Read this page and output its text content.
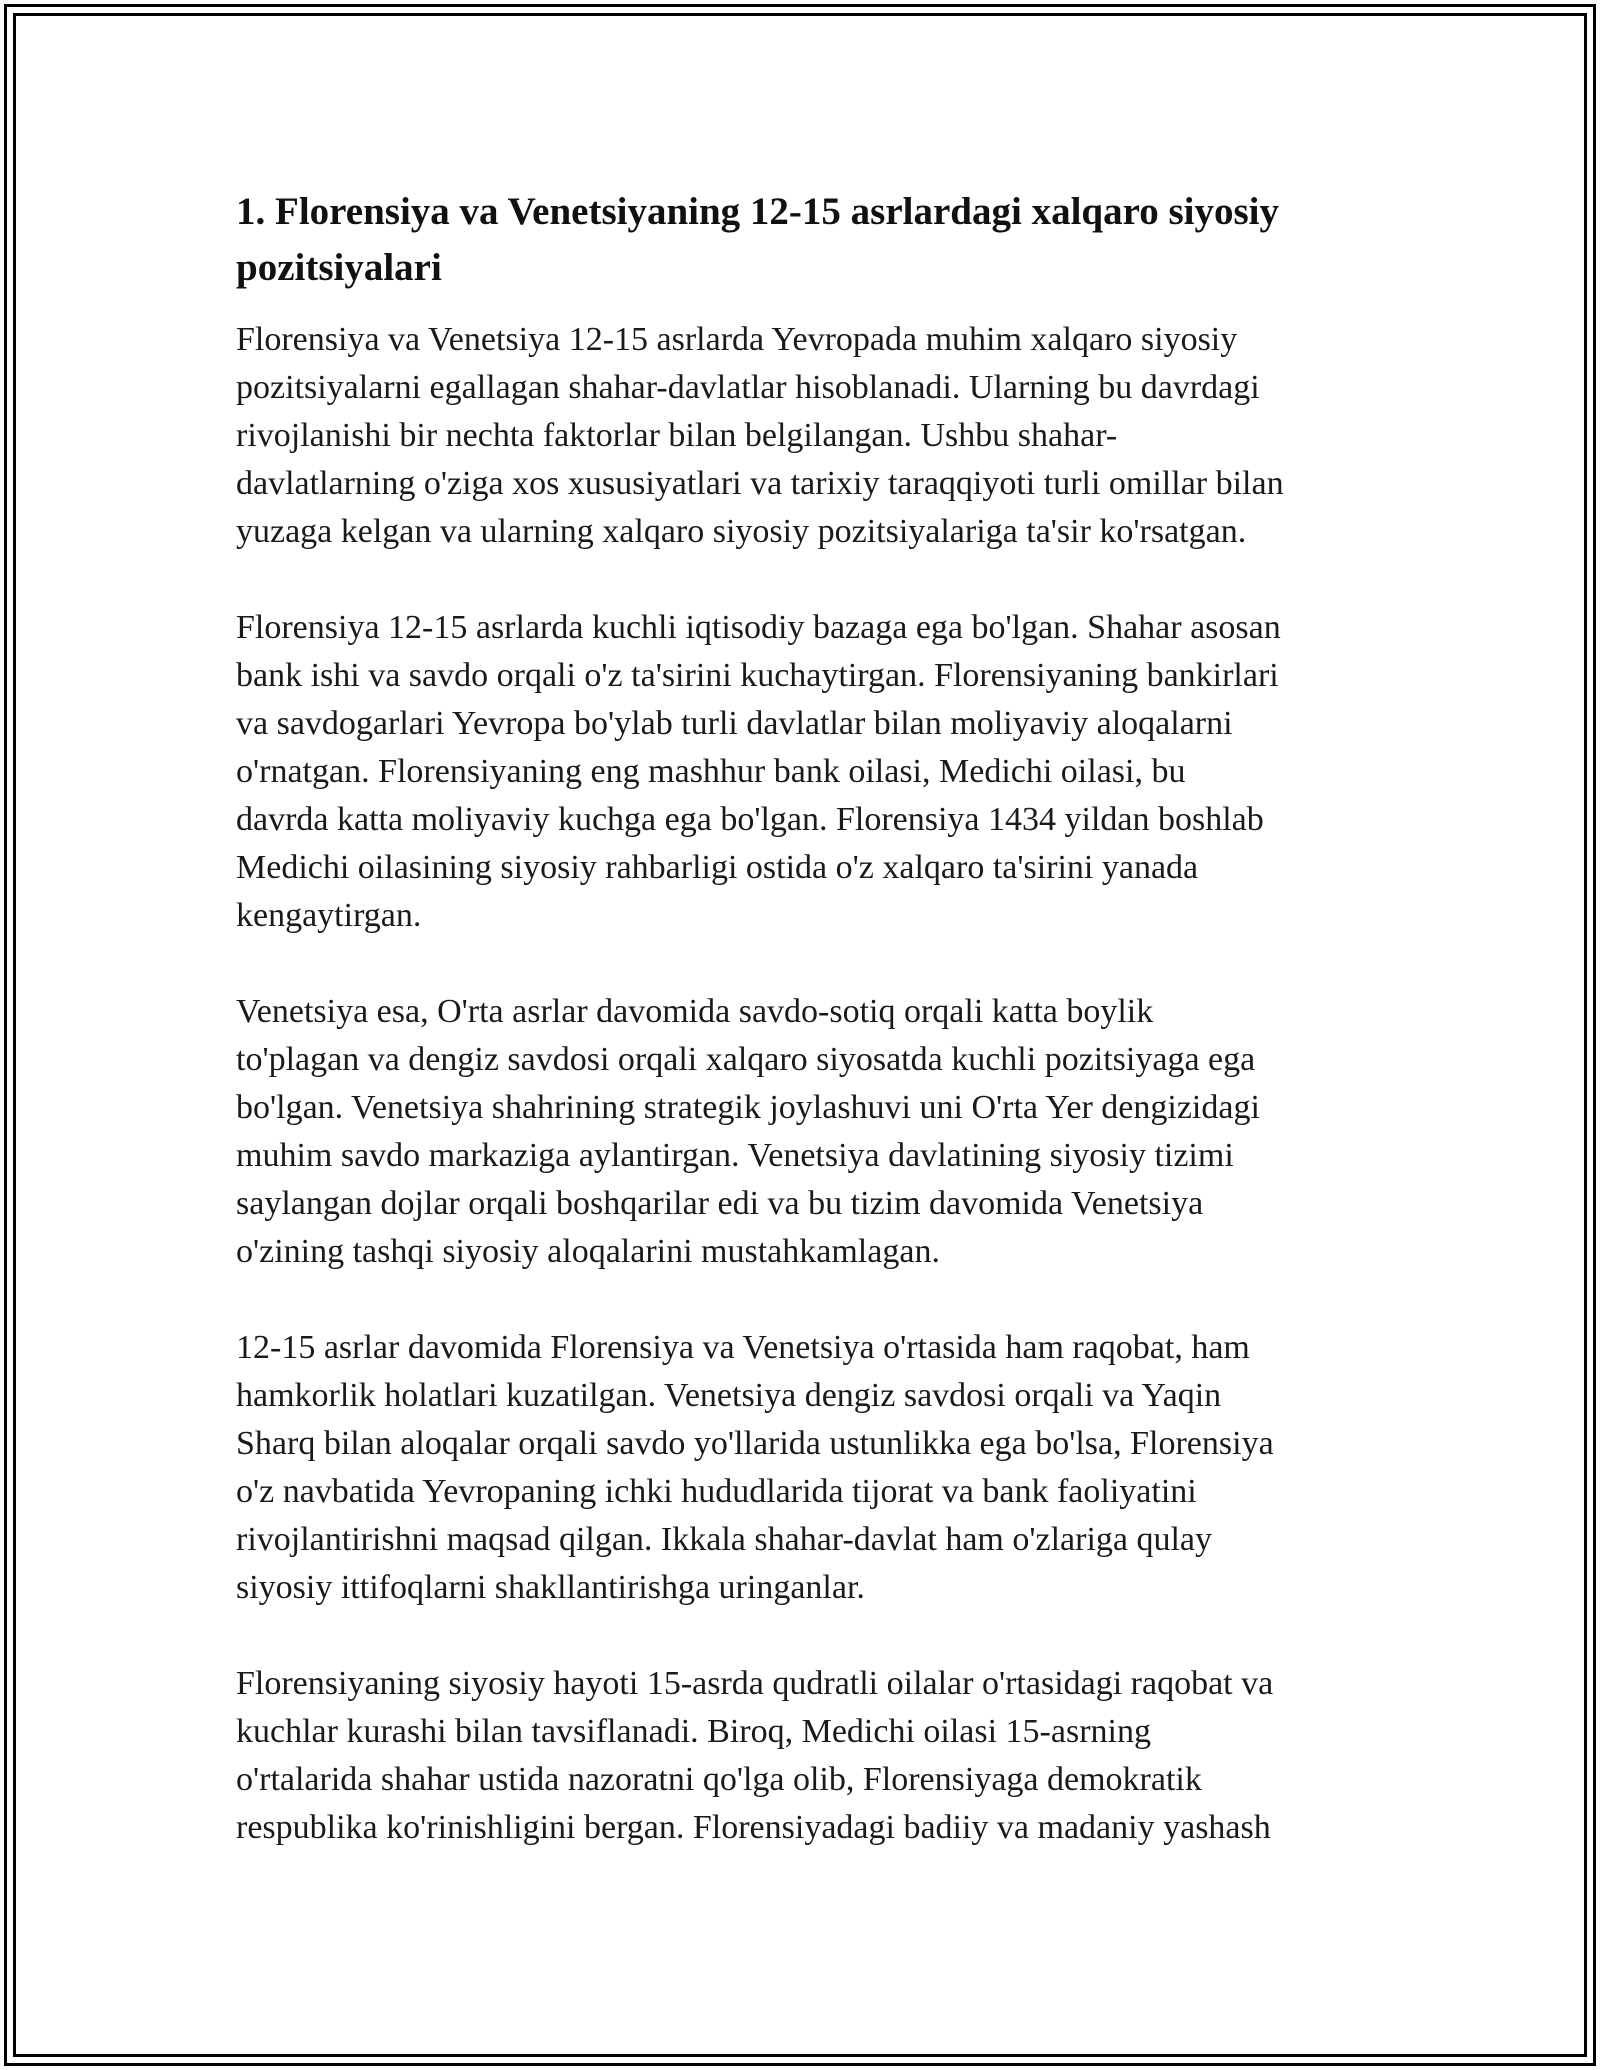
1. Florensiya va Venetsiyaning 12-15 asrlardagi xalqaro siyosiy
pozitsiyalari

Florensiya va Venetsiya 12-15 asrlarda Yevropada muhim xalqaro siyosiy
pozitsiyalarni egallagan shahar-davlatlar hisoblanadi. Ularning bu davrdagi
rivojlanishi bir nechta faktorlar bilan belgilangan. Ushbu shahar-
davlatlarning o'ziga xos xususiyatlari va tarixiy taraqqiyoti turli omillar bilan
yuzaga kelgan va ularning xalqaro siyosiy pozitsiyalariga ta'sir ko'rsatgan.

Florensiya 12-15 asrlarda kuchli iqtisodiy bazaga ega bo'lgan. Shahar asosan
bank ishi va savdo orqali o'z ta'sirini kuchaytirgan. Florensiyaning bankirlari
va savdogarlari Yevropa bo'ylab turli davlatlar bilan moliyaviy aloqalarni
o'rnatgan. Florensiyaning eng mashhur bank oilasi, Medichi oilasi, bu
davrda katta moliyaviy kuchga ega bo'lgan. Florensiya 1434 yildan boshlab
Medichi oilasining siyosiy rahbarligi ostida o'z xalqaro ta'sirini yanada
kengaytirgan.

Venetsiya esa, O'rta asrlar davomida savdo-sotiq orqali katta boylik
to'plagan va dengiz savdosi orqali xalqaro siyosatda kuchli pozitsiyaga ega
bo'lgan. Venetsiya shahrining strategik joylashuvi uni O'rta Yer dengizidagi
muhim savdo markaziga aylantirgan. Venetsiya davlatining siyosiy tizimi
saylangan dojlar orqali boshqarilar edi va bu tizim davomida Venetsiya
o'zining tashqi siyosiy aloqalarini mustahkamlagan.

12-15 asrlar davomida Florensiya va Venetsiya o'rtasida ham raqobat, ham
hamkorlik holatlari kuzatilgan. Venetsiya dengiz savdosi orqali va Yaqin
Sharq bilan aloqalar orqali savdo yo'llarida ustunlikka ega bo'lsa, Florensiya
o'z navbatida Yevropaning ichki hududlarida tijorat va bank faoliyatini
rivojlantirishni maqsad qilgan. Ikkala shahar-davlat ham o'zlariga qulay
siyosiy ittifoqlarni shakllantirishga uringanlar.

Florensiyaning siyosiy hayoti 15-asrda qudratli oilalar o'rtasidagi raqobat va
kuchlar kurashi bilan tavsiflanadi. Biroq, Medichi oilasi 15-asrning
o'rtalarida shahar ustida nazoratni qo'lga olib, Florensiyaga demokratik
respublika ko'rinishligini bergan. Florensiyadagi badiiy va madaniy yashash
